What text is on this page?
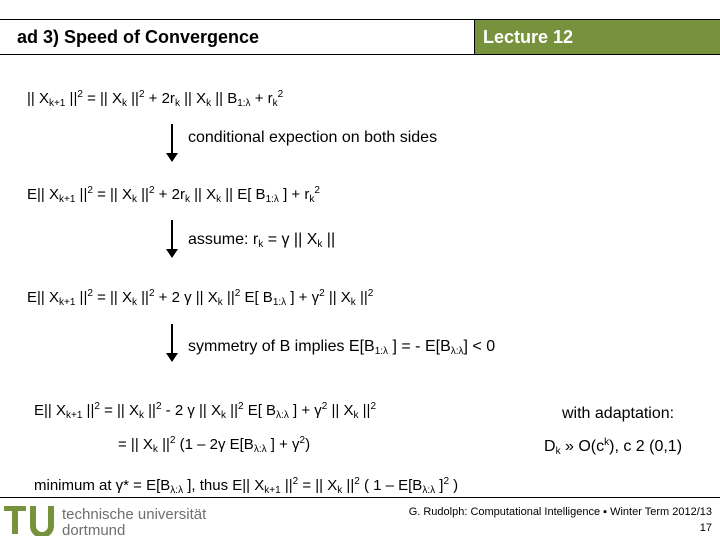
ad 3) Speed of Convergence	Lecture 12
|| $X_{k+1}$ $||^2$ = || $X_k$ $||^2 + 2r_k$ || $X_k$ || $B_{1:\lambda} + r_k^2$
conditional expection on both sides
E|| $X_{k+1}$ $||^2$ = || $X_k$ $||^2 + 2r_k$ || $X_k$ || E[ $B_{1:\lambda}$ ] + $r_k^2$
assume: $r_k = \gamma$ || $X_k$ ||
E|| $X_{k+1}$ $||^2$ = || $X_k$ $||^2 + 2$ γ || $X_k$ $||^2$ E[ $B_{1:\lambda}$ ] + $\gamma^2$ || $X_k$ $||^2$
symmetry of B implies $E[B_{1:\lambda}$ ] = - $E[B_{\lambda:\lambda}] < 0$
E|| $X_{k+1}$ $||^2$ = || $X_k$ $||^2 - 2$ γ || $X_k$ $||^2$ E[ $B_{\lambda:\lambda}$ ] + $\gamma^2$ || $X_k$ $||^2$
= || $X_k$ $||^2$ (1 – 2γ $E[B_{\lambda:\lambda}$ ] + $\gamma^2$)
minimum at $\gamma* = E[B_{\lambda:\lambda}$ ], thus E|| $X_{k+1}$ $||^2$ = || $X_k$ $||^2$ ( $1 - E[B_{\lambda:\lambda}$ ]$^2$ )
with adaptation:
$D_k$ » $O(c^k)$, c 2 (0,1)
technische universität
dortmund
G. Rudolph: Computational Intelligence ▪ Winter Term 2012/13
17
